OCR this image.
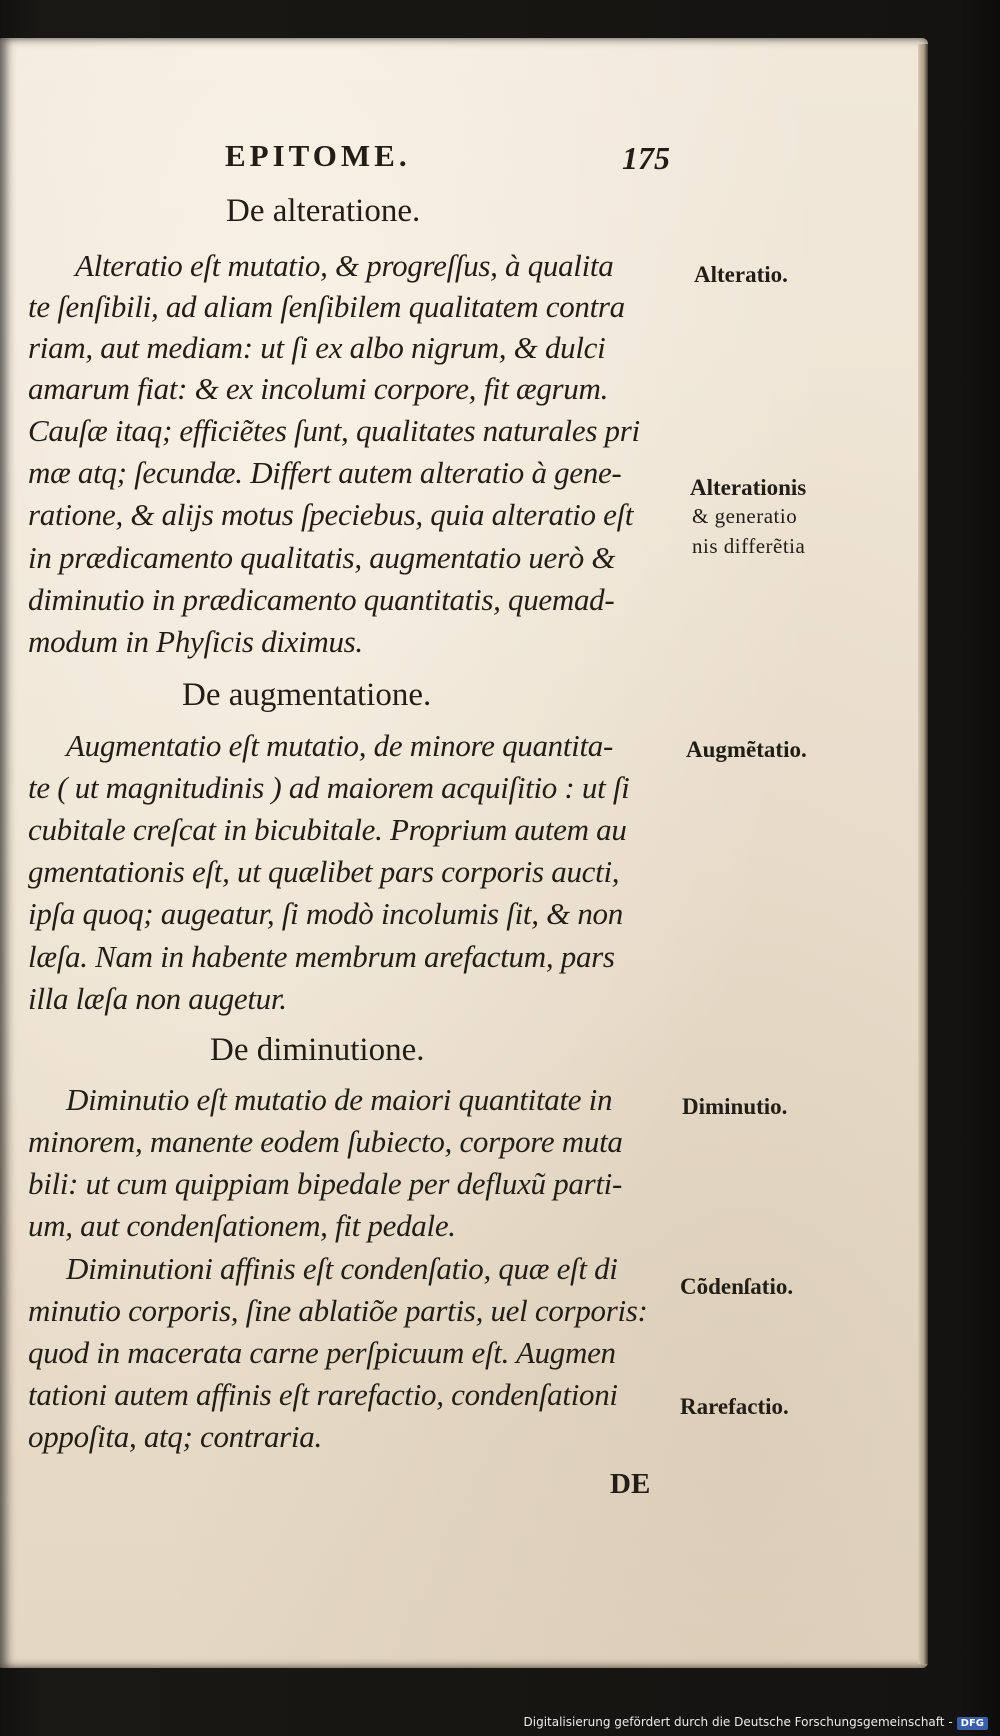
EPITOME.	175
De alteratione.
Alteratio eſt mutatio, & progreſſus, à qualita
te ſenſibili, ad aliam ſenſibilem qualitatem contra
riam, aut mediam: ut ſi ex albo nigrum, & dulci
amarum fiat: & ex incolumi corpore, fit ægrum.
Cauſæ itaq; efficiẽtes ſunt, qualitates naturales pri
mæ atq; ſecundæ. Differt autem alteratio à gene-
ratione, & alijs motus ſpeciebus, quia alteratio eſt
in prædicamento qualitatis, augmentatio uerò &
diminutio in prædicamento quantitatis, quemad-
modum in Phyſicis diximus.
De augmentatione.
Augmentatio eſt mutatio, de minore quantita-
te ( ut magnitudinis ) ad maiorem acquiſitio : ut ſi
cubitale creſcat in bicubitale. Proprium autem au
gmentationis eſt, ut quælibet pars corporis aucti,
ipſa quoq; augeatur, ſi modò incolumis ſit, & non
læſa. Nam in habente membrum arefactum, pars
illa læſa non augetur.
De diminutione.
Diminutio eſt mutatio de maiori quantitate in
minorem, manente eodem ſubiecto, corpore muta
bili: ut cum quippiam bipedale per defluxũ parti-
um, aut condenſationem, fit pedale.
Diminutioni affinis eſt condenſatio, quæ eſt di
minutio corporis, ſine ablatiõe partis, uel corporis:
quod in macerata carne perſpicuum eſt. Augmen
tationi autem affinis eſt rarefactio, condenſationi
oppoſita, atq; contraria.
Alteratio.
Alterationis
& generatio
nis differẽtia
Augmẽtatio.
Diminutio.
Cõdenſatio.
Rarefactio.
DE
Digitalisierung gefördert durch die Deutsche Forschungsgemeinschaft - DFG
